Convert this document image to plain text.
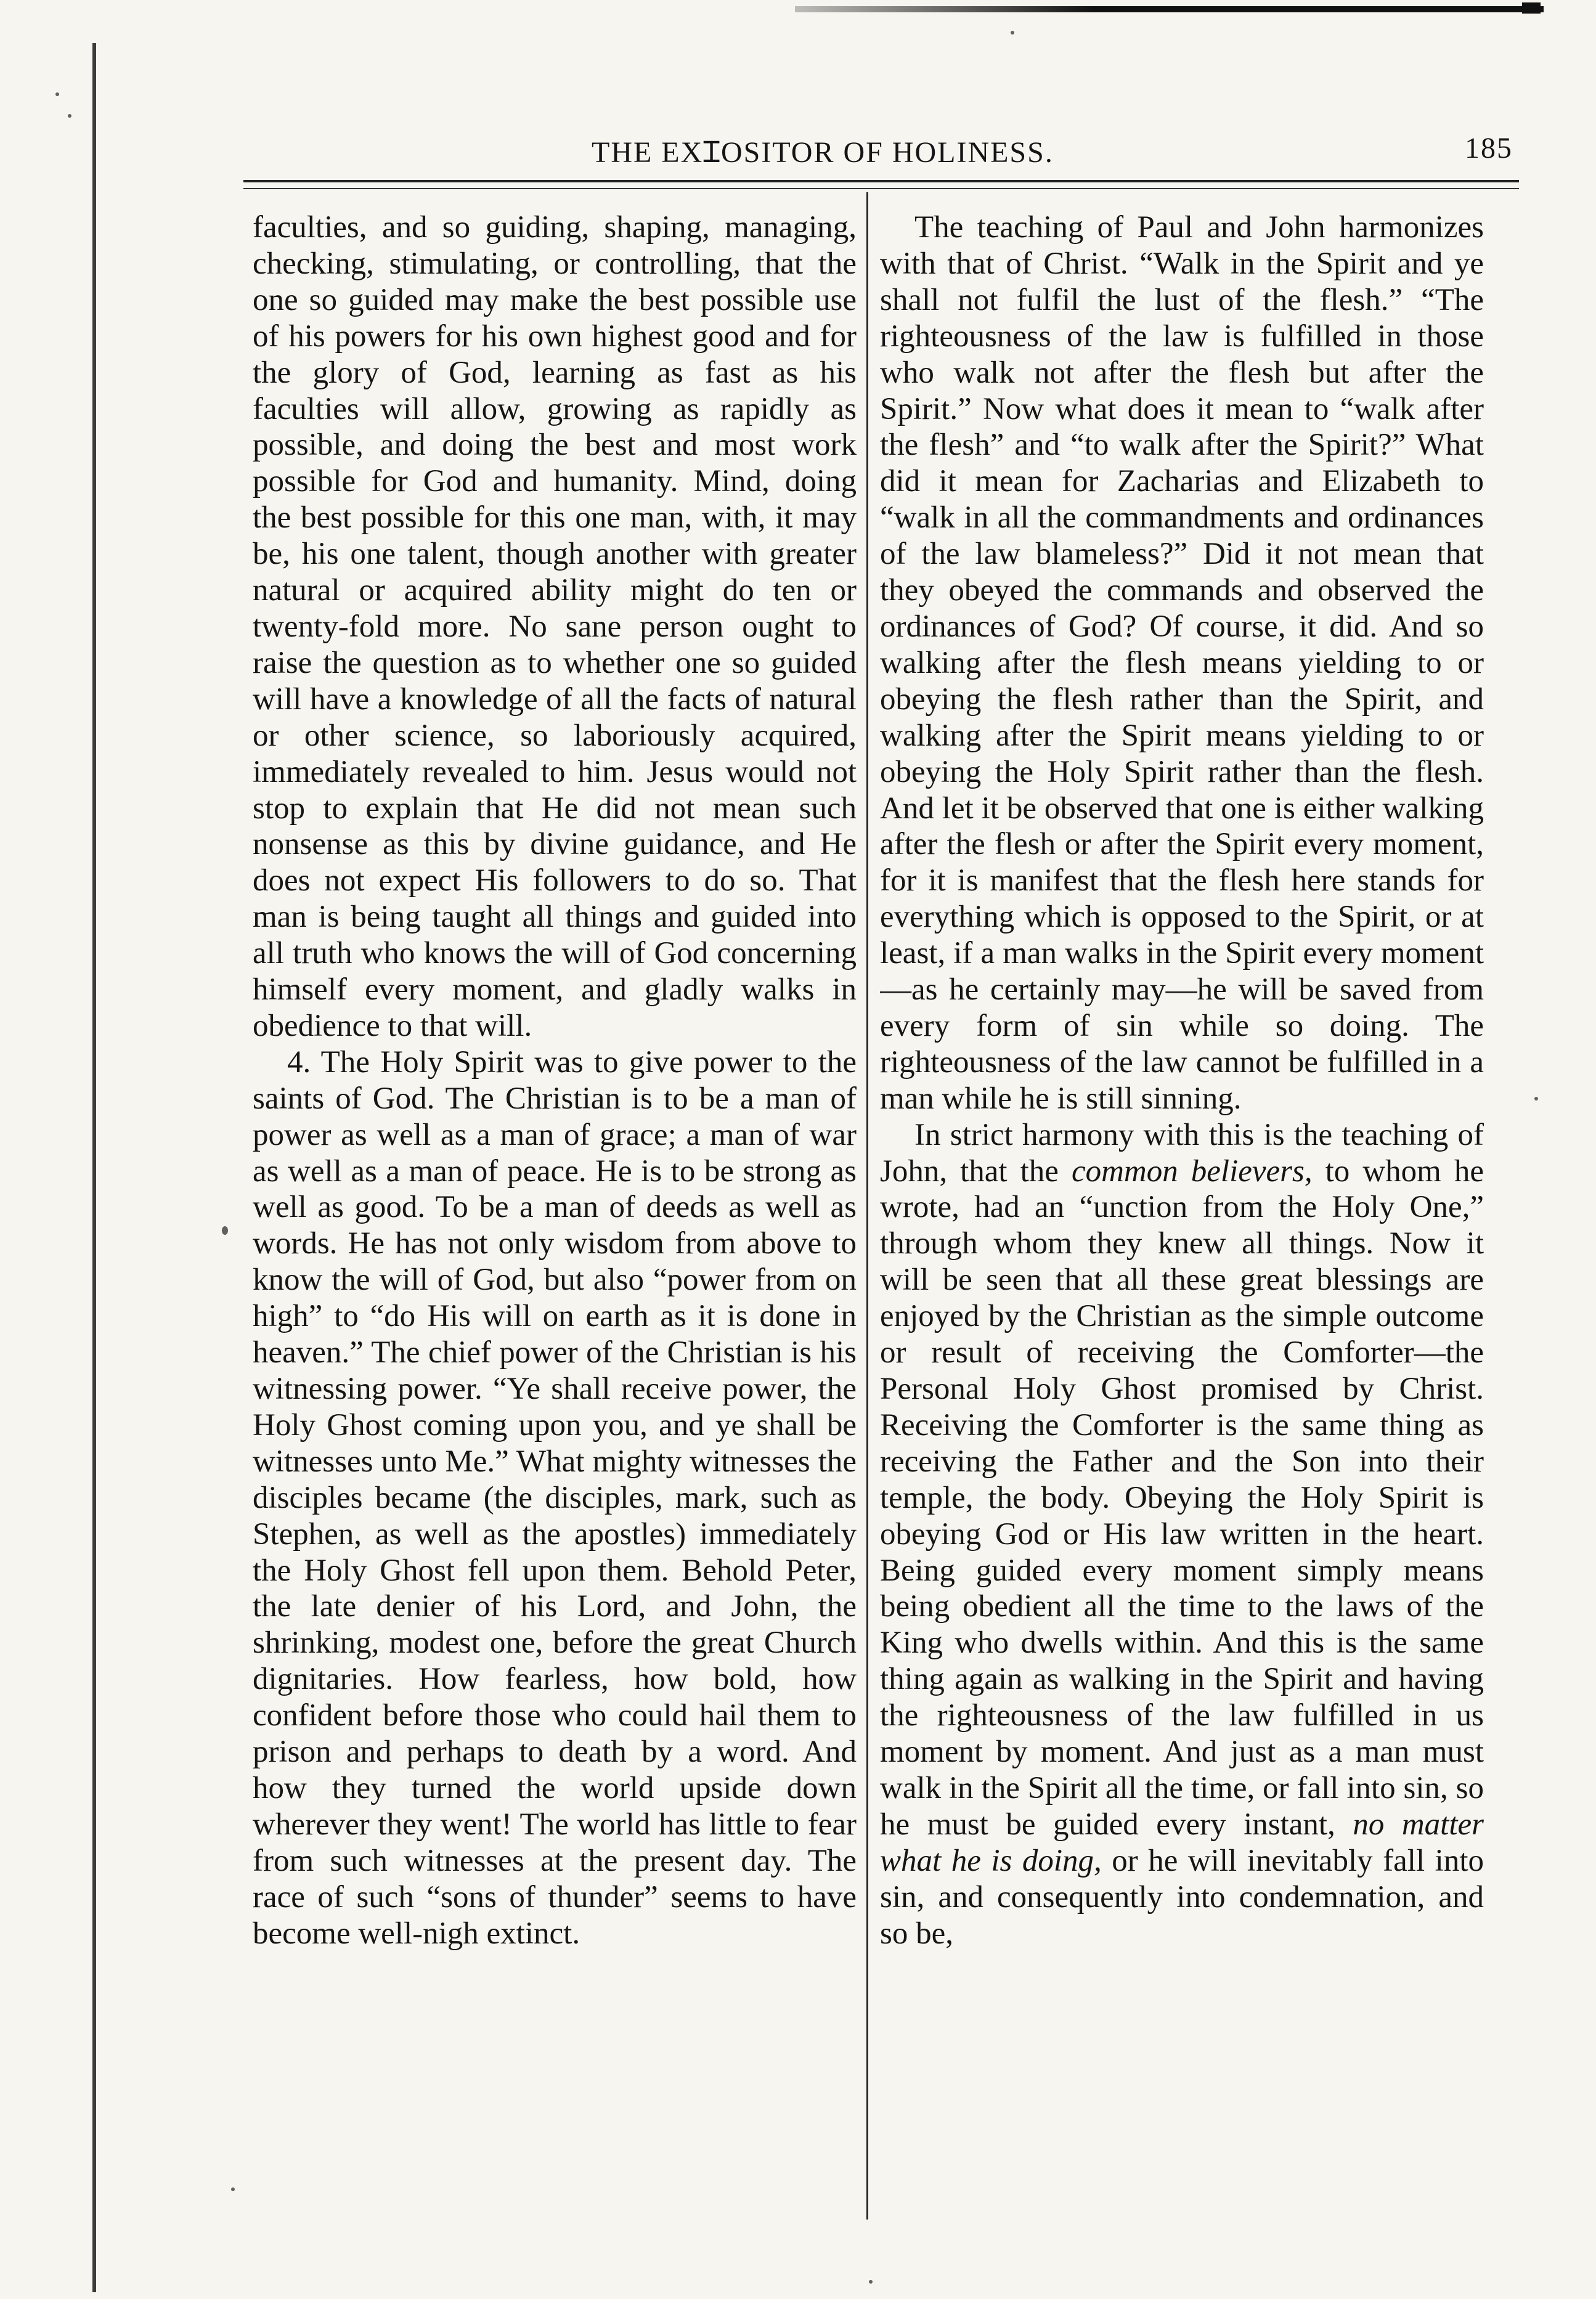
THE EXꞮOSITOR OF HOLINESS.	185

faculties, and so guiding, shaping, managing, checking, stimulating, or controlling, that the one so guided may make the best possible use of his powers for his own highest good and for the glory of God, learning as fast as his faculties will allow, growing as rapidly as possible, and doing the best and most work possible for God and humanity. Mind, doing the best possible for this one man, with, it may be, his one talent, though another with greater natural or acquired ability might do ten or twenty-fold more. No sane person ought to raise the question as to whether one so guided will have a knowledge of all the facts of natural or other science, so laboriously acquired, immediately revealed to him. Jesus would not stop to explain that He did not mean such nonsense as this by divine guidance, and He does not expect His followers to do so. That man is being taught all things and guided into all truth who knows the will of God concerning himself every moment, and gladly walks in obedience to that will.

4. The Holy Spirit was to give power to the saints of God. The Christian is to be a man of power as well as a man of grace; a man of war as well as a man of peace. He is to be strong as well as good. To be a man of deeds as well as words. He has not only wisdom from above to know the will of God, but also “power from on high” to “do His will on earth as it is done in heaven.” The chief power of the Christian is his witnessing power. “Ye shall receive power, the Holy Ghost coming upon you, and ye shall be witnesses unto Me.” What mighty witnesses the disciples became (the disciples, mark, such as Stephen, as well as the apostles) immediately the Holy Ghost fell upon them. Behold Peter, the late denier of his Lord, and John, the shrinking, modest one, before the great Church dignitaries. How fearless, how bold, how confident before those who could hail them to prison and perhaps to death by a word. And how they turned the world upside down wherever they went! The world has little to fear from such witnesses at the present day. The race of such “sons of thunder” seems to have become well-nigh extinct.

The teaching of Paul and John harmonizes with that of Christ. “Walk in the Spirit and ye shall not fulfil the lust of the flesh.” “The righteousness of the law is fulfilled in those who walk not after the flesh but after the Spirit.” Now what does it mean to “walk after the flesh” and “to walk after the Spirit?” What did it mean for Zacharias and Elizabeth to “walk in all the commandments and ordinances of the law blameless?” Did it not mean that they obeyed the commands and observed the ordinances of God? Of course, it did. And so walking after the flesh means yielding to or obeying the flesh rather than the Spirit, and walking after the Spirit means yielding to or obeying the Holy Spirit rather than the flesh. And let it be observed that one is either walking after the flesh or after the Spirit every moment, for it is manifest that the flesh here stands for everything which is opposed to the Spirit, or at least, if a man walks in the Spirit every moment—as he certainly may—he will be saved from every form of sin while so doing. The righteousness of the law cannot be fulfilled in a man while he is still sinning.

In strict harmony with this is the teaching of John, that the common believers, to whom he wrote, had an “unction from the Holy One,” through whom they knew all things. Now it will be seen that all these great blessings are enjoyed by the Christian as the simple outcome or result of receiving the Comforter—the Personal Holy Ghost promised by Christ. Receiving the Comforter is the same thing as receiving the Father and the Son into their temple, the body. Obeying the Holy Spirit is obeying God or His law written in the heart. Being guided every moment simply means being obedient all the time to the laws of the King who dwells within. And this is the same thing again as walking in the Spirit and having the righteousness of the law fulfilled in us moment by moment. And just as a man must walk in the Spirit all the time, or fall into sin, so he must be guided every instant, no matter what he is doing, or he will inevitably fall into sin, and consequently into condemnation, and so be,
